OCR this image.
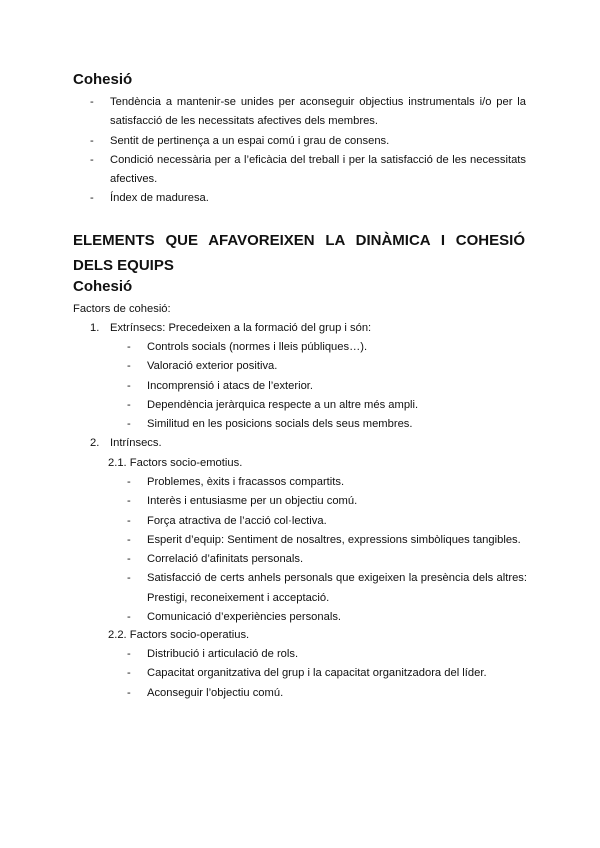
Cohesió
- Tendència a mantenir-se unides per aconseguir objectius instrumentals i/o per la satisfacció de les necessitats afectives dels membres.
- Sentit de pertinença a un espai comú i grau de consens.
- Condició necessària per a l’eficàcia del treball i per la satisfacció de les necessitats afectives.
- Índex de maduresa.
ELEMENTS QUE AFAVOREIXEN LA DINÀMICA I COHESIÓ DELS EQUIPS
Cohesió
Factors de cohesió:
1. Extrínsecs: Precedeixen a la formació del grup i són:
- Controls socials (normes i lleis públiques…).
- Valoració exterior positiva.
- Incomprensió i atacs de l’exterior.
- Dependència jeràrquica respecte a un altre més ampli.
- Similitud en les posicions socials dels seus membres.
2. Intrínsecs.
2.1. Factors socio-emotius.
- Problemes, èxits i fracassos compartits.
- Interès i entusiasme per un objectiu comú.
- Força atractiva de l’acció col·lectiva.
- Esperit d’equip: Sentiment de nosaltres, expressions simbòliques tangibles.
- Correlació d’afinitats personals.
- Satisfacció de certs anhels personals que exigeixen la presència dels altres: Prestigi, reconeixement i acceptació.
- Comunicació d’experiències personals.
2.2. Factors socio-operatius.
- Distribució i articulació de rols.
- Capacitat organitzativa del grup i la capacitat organitzadora del líder.
- Aconseguir l’objectiu comú.
